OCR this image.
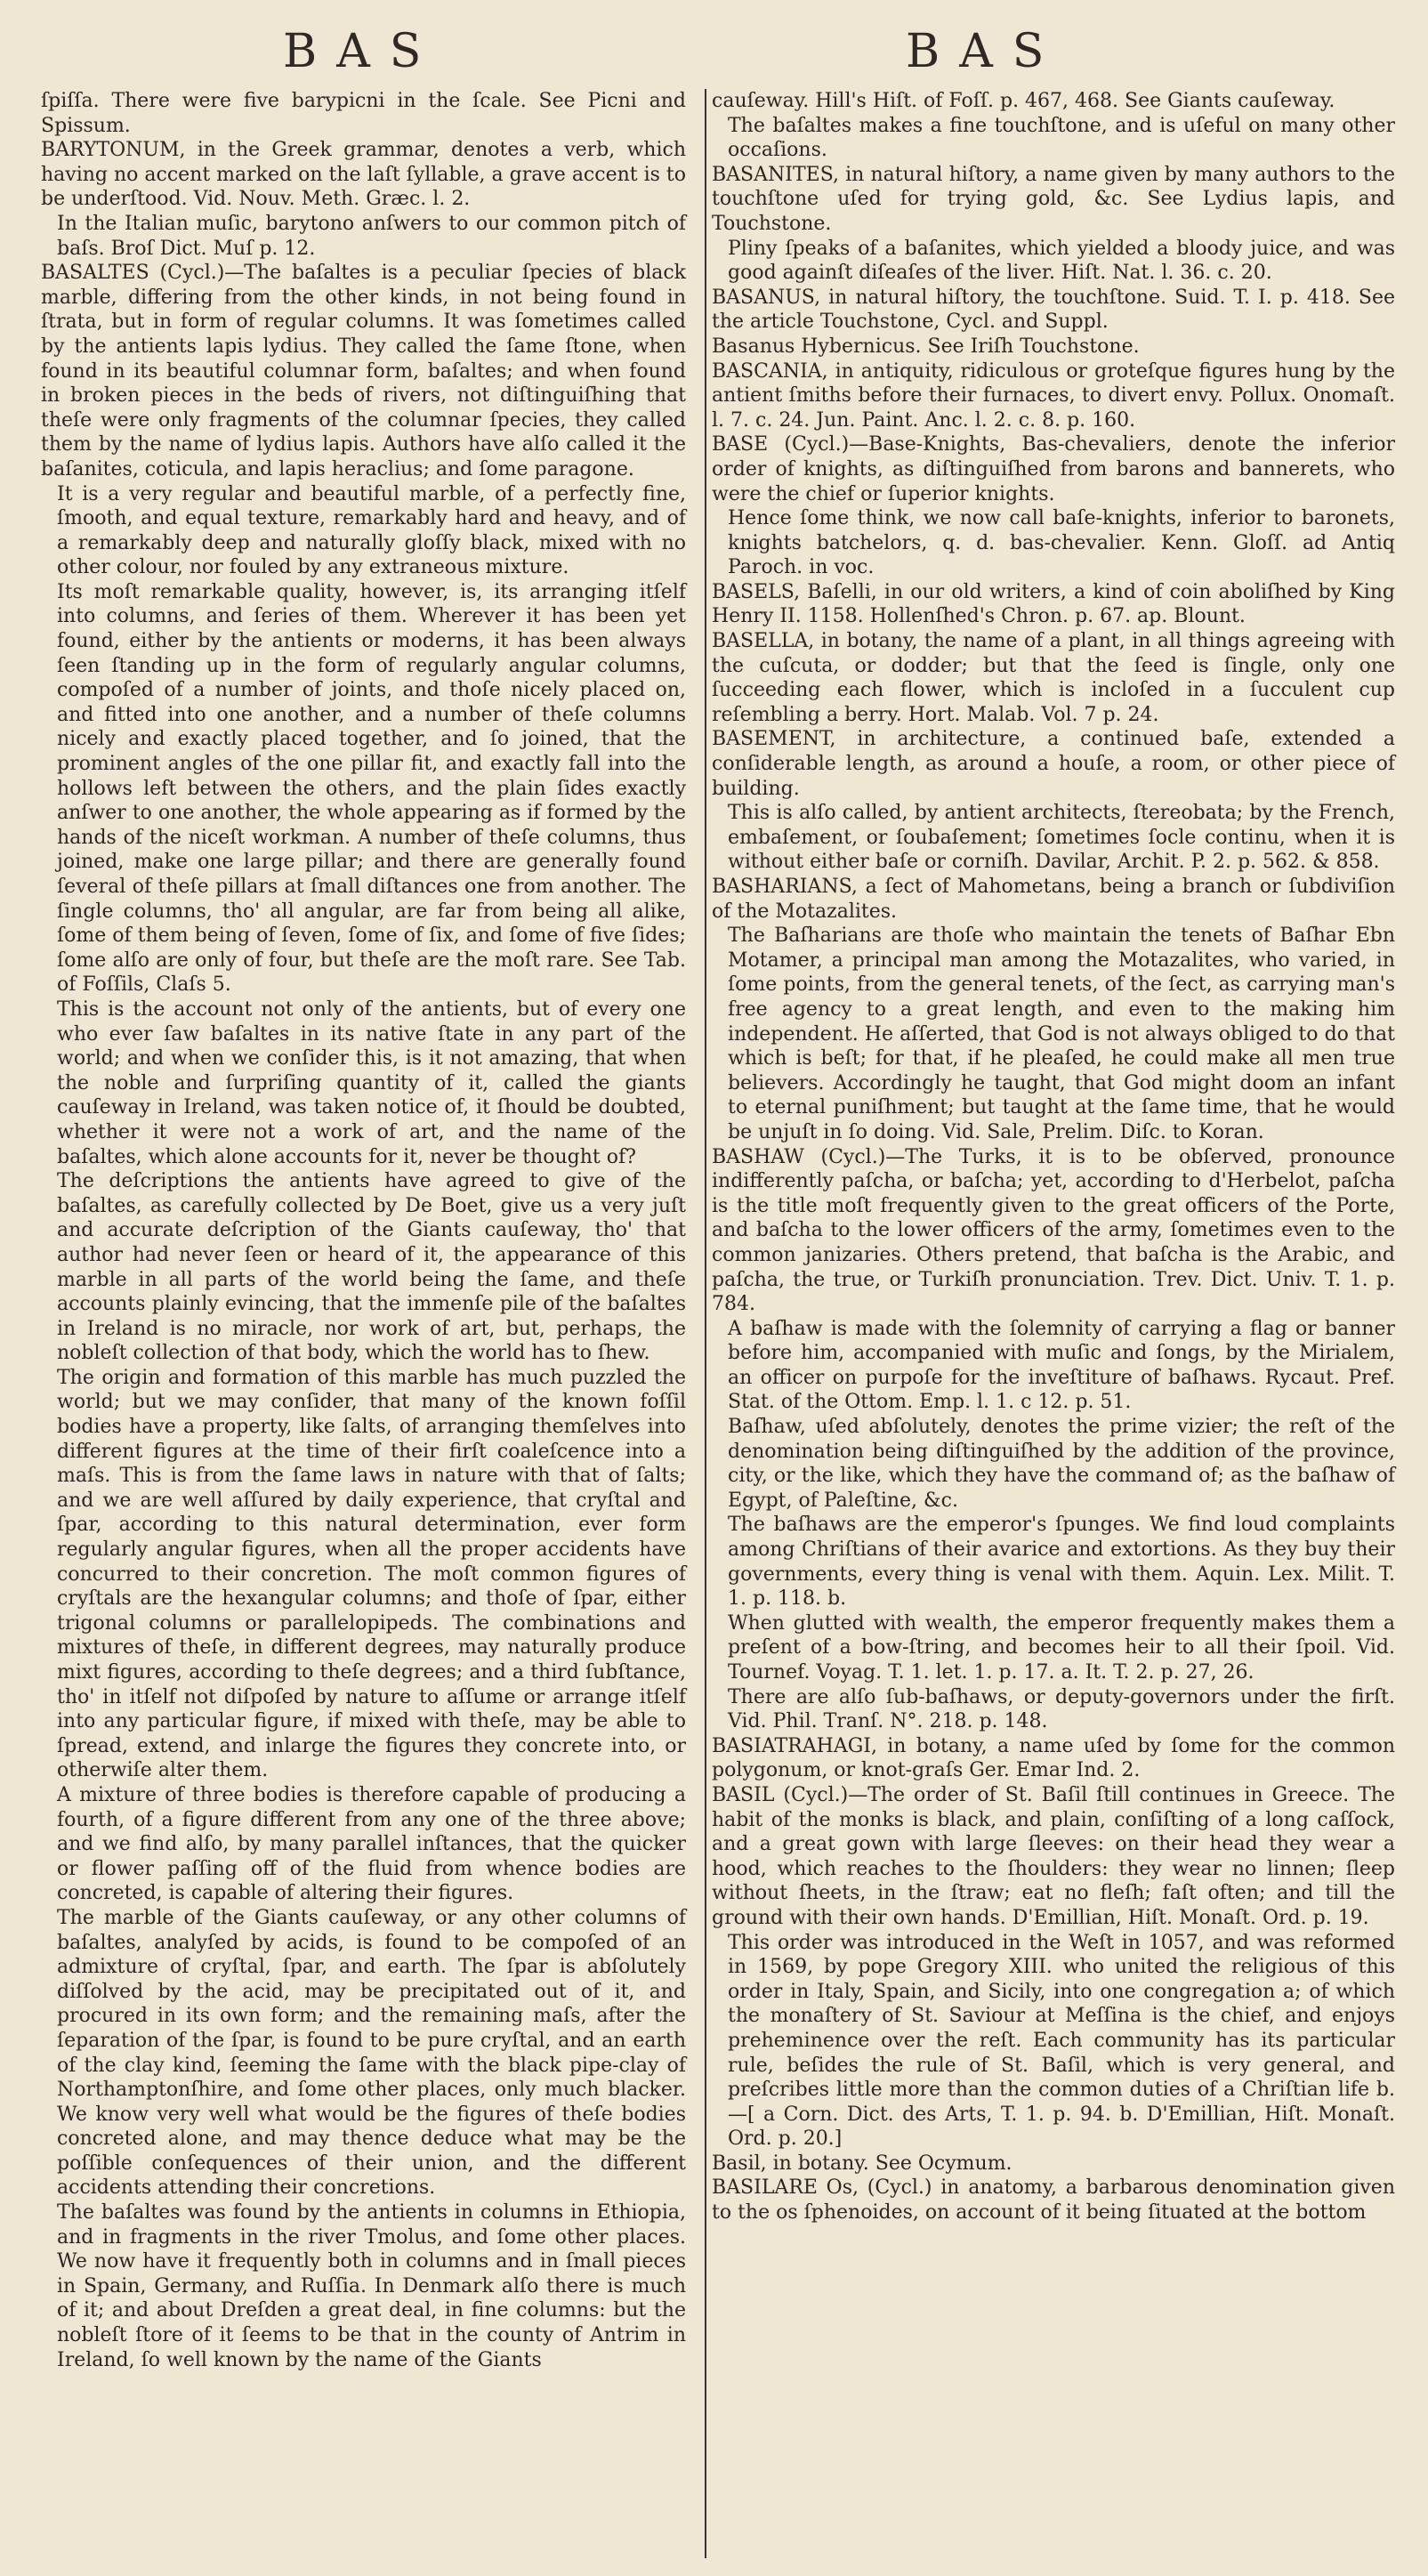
BAS	BAS

ſpiſſa. There were five barypicni in the ſcale. See Picni and Spissum.

BARYTONUM, in the Greek grammar, denotes a verb, which having no accent marked on the laſt ſyllable, a grave accent is to be underſtood. Vid. Nouv. Meth. Græc. l. 2.

In the Italian muſic, barytono anſwers to our common pitch of baſs. Broſ Dict. Muſ p. 12.

BASALTES (Cycl.)—The baſaltes is a peculiar ſpecies of black marble, differing from the other kinds, in not being found in ſtrata, but in form of regular columns. It was ſometimes called by the antients lapis lydius. They called the ſame ſtone, when found in its beautiful columnar form, baſaltes; and when found in broken pieces in the beds of rivers, not diſtinguiſhing that theſe were only fragments of the columnar ſpecies, they called them by the name of lydius lapis. Authors have alſo called it the baſanites, coticula, and lapis heraclius; and ſome paragone.

It is a very regular and beautiful marble, of a perfectly fine, ſmooth, and equal texture, remarkably hard and heavy, and of a remarkably deep and naturally gloſſy black, mixed with no other colour, nor fouled by any extraneous mixture.

Its moſt remarkable quality, however, is, its arranging itſelf into columns, and ſeries of them. Wherever it has been yet found, either by the antients or moderns, it has been always ſeen ſtanding up in the form of regularly angular columns, compoſed of a number of joints, and thoſe nicely placed on, and fitted into one another, and a number of theſe columns nicely and exactly placed together, and ſo joined, that the prominent angles of the one pillar fit, and exactly fall into the hollows left between the others, and the plain ſides exactly anſwer to one another, the whole appearing as if formed by the hands of the niceſt workman. A number of theſe columns, thus joined, make one large pillar; and there are generally found ſeveral of theſe pillars at ſmall diſtances one from another. The ſingle columns, tho' all angular, are far from being all alike, ſome of them being of ſeven, ſome of ſix, and ſome of five ſides; ſome alſo are only of four, but theſe are the moſt rare. See Tab. of Foſſils, Claſs 5.

This is the account not only of the antients, but of every one who ever ſaw baſaltes in its native ſtate in any part of the world; and when we conſider this, is it not amazing, that when the noble and ſurpriſing quantity of it, called the giants cauſeway in Ireland, was taken notice of, it ſhould be doubted, whether it were not a work of art, and the name of the baſaltes, which alone accounts for it, never be thought of?

The deſcriptions the antients have agreed to give of the baſaltes, as carefully collected by De Boet, give us a very juſt and accurate deſcription of the Giants cauſeway, tho' that author had never ſeen or heard of it, the appearance of this marble in all parts of the world being the ſame, and theſe accounts plainly evincing, that the immenſe pile of the baſaltes in Ireland is no miracle, nor work of art, but, perhaps, the nobleſt collection of that body, which the world has to ſhew.

The origin and formation of this marble has much puzzled the world; but we may conſider, that many of the known foſſil bodies have a property, like ſalts, of arranging themſelves into different figures at the time of their firſt coaleſcence into a maſs. This is from the ſame laws in nature with that of ſalts; and we are well aſſured by daily experience, that cryſtal and ſpar, according to this natural determination, ever form regularly angular figures, when all the proper accidents have concurred to their concretion. The moſt common figures of cryſtals are the hexangular columns; and thoſe of ſpar, either trigonal columns or parallelopipeds. The combinations and mixtures of theſe, in different degrees, may naturally produce mixt figures, according to theſe degrees; and a third ſubſtance, tho' in itſelf not diſpoſed by nature to aſſume or arrange itſelf into any particular figure, if mixed with theſe, may be able to ſpread, extend, and inlarge the figures they concrete into, or otherwiſe alter them.

A mixture of three bodies is therefore capable of producing a fourth, of a figure different from any one of the three above; and we find alſo, by many parallel inſtances, that the quicker or flower paſſing off of the fluid from whence bodies are concreted, is capable of altering their figures.

The marble of the Giants cauſeway, or any other columns of baſaltes, analyſed by acids, is found to be compoſed of an admixture of cryſtal, ſpar, and earth. The ſpar is abſolutely diſſolved by the acid, may be precipitated out of it, and procured in its own form; and the remaining maſs, after the ſeparation of the ſpar, is found to be pure cryſtal, and an earth of the clay kind, ſeeming the ſame with the black pipe-clay of Northamptonſhire, and ſome other places, only much blacker. We know very well what would be the figures of theſe bodies concreted alone, and may thence deduce what may be the poſſible conſequences of their union, and the different accidents attending their concretions.

The baſaltes was found by the antients in columns in Ethiopia, and in fragments in the river Tmolus, and ſome other places. We now have it frequently both in columns and in ſmall pieces in Spain, Germany, and Ruſſia. In Denmark alſo there is much of it; and about Dreſden a great deal, in fine columns: but the nobleſt ſtore of it ſeems to be that in the county of Antrim in Ireland, ſo well known by the name of the Giants

cauſeway. Hill's Hiſt. of Foſſ. p. 467, 468. See Giants cauſeway.

The baſaltes makes a fine touchſtone, and is uſeful on many other occaſions.

BASANITES, in natural hiſtory, a name given by many authors to the touchſtone uſed for trying gold, &c. See Lydius lapis, and Touchstone.

Pliny ſpeaks of a baſanites, which yielded a bloody juice, and was good againſt diſeaſes of the liver. Hiſt. Nat. l. 36. c. 20.

BASANUS, in natural hiſtory, the touchſtone. Suid. T. I. p. 418. See the article Touchstone, Cycl. and Suppl.

Basanus Hybernicus. See Iriſh Touchstone.

BASCANIA, in antiquity, ridiculous or groteſque figures hung by the antient ſmiths before their furnaces, to divert envy. Pollux. Onomaſt. l. 7. c. 24. Jun. Paint. Anc. l. 2. c. 8. p. 160.

BASE (Cycl.)—Base-Knights, Bas-chevaliers, denote the inferior order of knights, as diſtinguiſhed from barons and bannerets, who were the chief or ſuperior knights.

Hence ſome think, we now call baſe-knights, inferior to baronets, knights batchelors, q. d. bas-chevalier. Kenn. Gloſſ. ad Antiq Paroch. in voc.

BASELS, Baſelli, in our old writers, a kind of coin aboliſhed by King Henry II. 1158. Hollenſhed's Chron. p. 67. ap. Blount.

BASELLA, in botany, the name of a plant, in all things agreeing with the cuſcuta, or dodder; but that the ſeed is ſingle, only one ſucceeding each flower, which is incloſed in a ſucculent cup reſembling a berry. Hort. Malab. Vol. 7 p. 24.

BASEMENT, in architecture, a continued baſe, extended a conſiderable length, as around a houſe, a room, or other piece of building.

This is alſo called, by antient architects, ſtereobata; by the French, embaſement, or ſoubaſement; ſometimes ſocle continu, when it is without either baſe or corniſh. Davilar, Archit. P. 2. p. 562. & 858.

BASHARIANS, a ſect of Mahometans, being a branch or ſubdiviſion of the Motazalites.

The Baſharians are thoſe who maintain the tenets of Baſhar Ebn Motamer, a principal man among the Motazalites, who varied, in ſome points, from the general tenets, of the ſect, as carrying man's free agency to a great length, and even to the making him independent. He aſſerted, that God is not always obliged to do that which is beſt; for that, if he pleaſed, he could make all men true believers. Accordingly he taught, that God might doom an infant to eternal puniſhment; but taught at the ſame time, that he would be unjuſt in ſo doing. Vid. Sale, Prelim. Diſc. to Koran.

BASHAW (Cycl.)—The Turks, it is to be obſerved, pronounce indifferently paſcha, or baſcha; yet, according to d'Herbelot, paſcha is the title moſt frequently given to the great officers of the Porte, and baſcha to the lower officers of the army, ſometimes even to the common janizaries. Others pretend, that baſcha is the Arabic, and paſcha, the true, or Turkiſh pronunciation. Trev. Dict. Univ. T. 1. p. 784.

A baſhaw is made with the ſolemnity of carrying a flag or banner before him, accompanied with muſic and ſongs, by the Mirialem, an officer on purpoſe for the inveſtiture of baſhaws. Rycaut. Pref. Stat. of the Ottom. Emp. l. 1. c 12. p. 51.

Baſhaw, uſed abſolutely, denotes the prime vizier; the reſt of the denomination being diſtinguiſhed by the addition of the province, city, or the like, which they have the command of; as the baſhaw of Egypt, of Paleſtine, &c.

The baſhaws are the emperor's ſpunges. We find loud complaints among Chriſtians of their avarice and extortions. As they buy their governments, every thing is venal with them. Aquin. Lex. Milit. T. 1. p. 118. b.

When glutted with wealth, the emperor frequently makes them a preſent of a bow-ſtring, and becomes heir to all their ſpoil. Vid. Tournef. Voyag. T. 1. let. 1. p. 17. a. It. T. 2. p. 27, 26.

There are alſo ſub-baſhaws, or deputy-governors under the firſt. Vid. Phil. Tranſ. N°. 218. p. 148.

BASIATRAHAGI, in botany, a name uſed by ſome for the common polygonum, or knot-graſs Ger. Emar Ind. 2.

BASIL (Cycl.)—The order of St. Baſil ſtill continues in Greece. The habit of the monks is black, and plain, conſiſting of a long caſſock, and a great gown with large ſleeves: on their head they wear a hood, which reaches to the ſhoulders: they wear no linnen; ſleep without ſheets, in the ſtraw; eat no fleſh; faſt often; and till the ground with their own hands. D'Emillian, Hiſt. Monaſt. Ord. p. 19.

This order was introduced in the Weſt in 1057, and was reformed in 1569, by pope Gregory XIII. who united the religious of this order in Italy, Spain, and Sicily, into one congregation a; of which the monaſtery of St. Saviour at Meſſina is the chief, and enjoys preheminence over the reſt. Each community has its particular rule, beſides the rule of St. Baſil, which is very general, and preſcribes little more than the common duties of a Chriſtian life b.—[ a Corn. Dict. des Arts, T. 1. p. 94. b. D'Emillian, Hiſt. Monaſt. Ord. p. 20.]

Basil, in botany. See Ocymum.

BASILARE Os, (Cycl.) in anatomy, a barbarous denomination given to the os ſphenoides, on account of it being ſituated at the bottom
